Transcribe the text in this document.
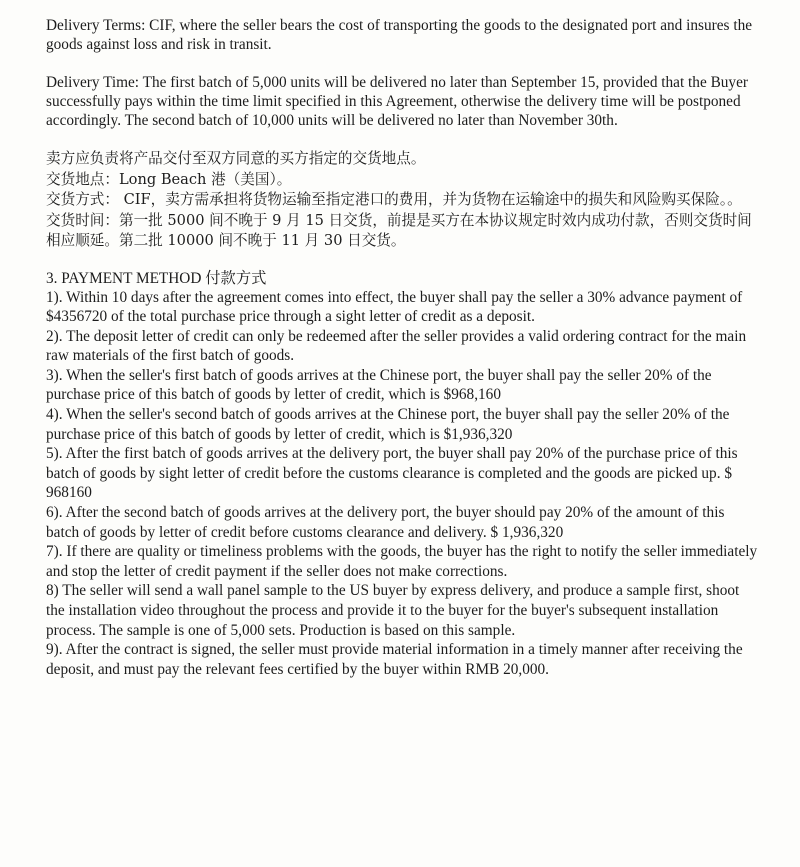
Delivery Terms: CIF, where the seller bears the cost of transporting the goods to the designated port and insures the goods against loss and risk in transit.

Delivery Time: The first batch of 5,000 units will be delivered no later than September 15, provided that the Buyer successfully pays within the time limit specified in this Agreement, otherwise the delivery time will be postponed accordingly. The second batch of 10,000 units will be delivered no later than November 30th.

卖方应负责将产品交付至双方同意的买方指定的交货地点。

交货地点：Long Beach 港（美国）。

交货方式： CIF，卖方需承担将货物运输至指定港口的费用，并为货物在运输途中的损失和风险购买保险。。

交货时间：第一批 5000 间不晚于 9 月 15 日交货，前提是买方在本协议规定时效内成功付款，否则交货时间相应顺延。第二批 10000 间不晚于 11 月 30 日交货。

3. PAYMENT METHOD 付款方式

1). Within 10 days after the agreement comes into effect, the buyer shall pay the seller a 30% advance payment of $4356720 of the total purchase price through a sight letter of credit as a deposit.

2). The deposit letter of credit can only be redeemed after the seller provides a valid ordering contract for the main raw materials of the first batch of goods.

3). When the seller's first batch of goods arrives at the Chinese port, the buyer shall pay the seller 20% of the purchase price of this batch of goods by letter of credit, which is $968,160

4). When the seller's second batch of goods arrives at the Chinese port, the buyer shall pay the seller 20% of the purchase price of this batch of goods by letter of credit, which is $1,936,320

5). After the first batch of goods arrives at the delivery port, the buyer shall pay 20% of the purchase price of this batch of goods by sight letter of credit before the customs clearance is completed and the goods are picked up. $ 968160

6). After the second batch of goods arrives at the delivery port, the buyer should pay 20% of the amount of this batch of goods by letter of credit before customs clearance and delivery. $ 1,936,320

7). If there are quality or timeliness problems with the goods, the buyer has the right to notify the seller immediately and stop the letter of credit payment if the seller does not make corrections.

8) The seller will send a wall panel sample to the US buyer by express delivery, and produce a sample first, shoot the installation video throughout the process and provide it to the buyer for the buyer's subsequent installation process. The sample is one of 5,000 sets. Production is based on this sample.

9). After the contract is signed, the seller must provide material information in a timely manner after receiving the deposit, and must pay the relevant fees certified by the buyer within RMB 20,000.
